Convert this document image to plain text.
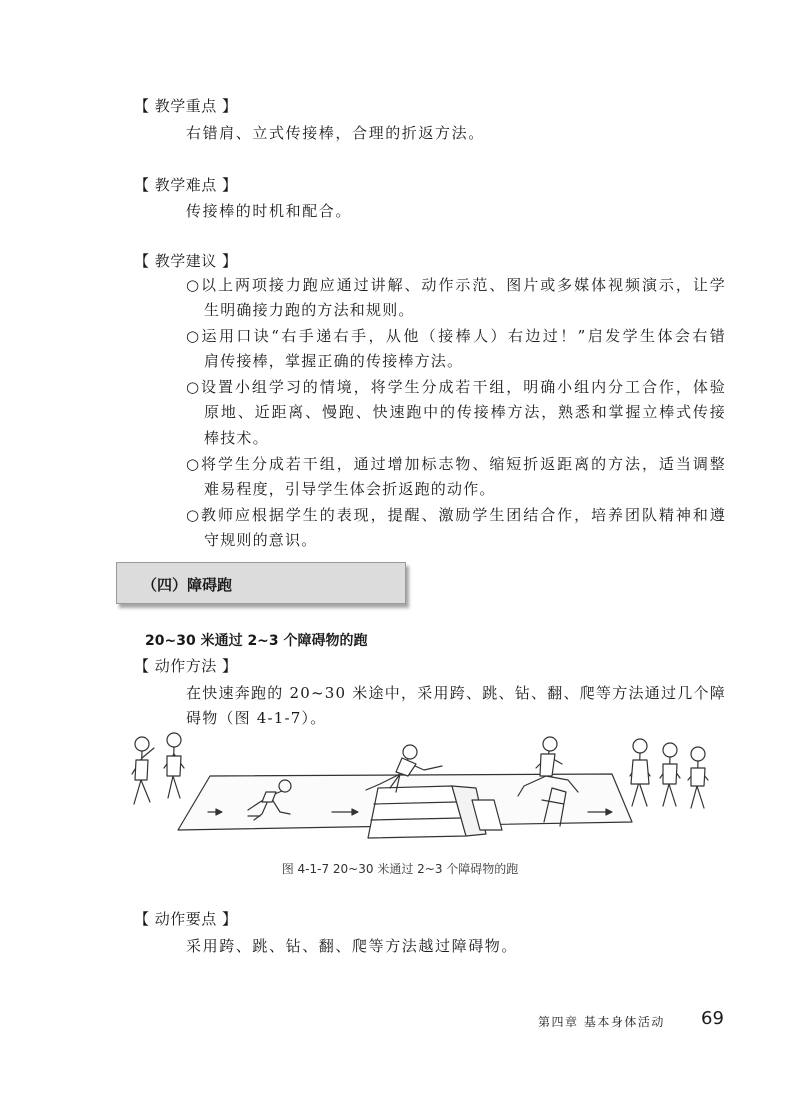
【 教学重点 】
右错肩、立式传接棒，合理的折返方法。
【 教学难点 】
传接棒的时机和配合。
【 教学建议 】
○以上两项接力跑应通过讲解、动作示范、图片或多媒体视频演示，让学
生明确接力跑的方法和规则。
○运用口诀“右手递右手，从他（接棒人）右边过！”启发学生体会右错
肩传接棒，掌握正确的传接棒方法。
○设置小组学习的情境，将学生分成若干组，明确小组内分工合作，体验
原地、近距离、慢跑、快速跑中的传接棒方法，熟悉和掌握立棒式传接
棒技术。
○将学生分成若干组，通过增加标志物、缩短折返距离的方法，适当调整
难易程度，引导学生体会折返跑的动作。
○教师应根据学生的表现，提醒、激励学生团结合作，培养团队精神和遵
守规则的意识。
（四）障碍跑
20~30 米通过 2~3 个障碍物的跑
【 动作方法 】
在快速奔跑的 20~30 米途中，采用跨、跳、钻、翻、爬等方法通过几个障
碍物（图 4-1-7）。
图 4-1-7 20~30 米通过 2~3 个障碍物的跑
【 动作要点 】
采用跨、跳、钻、翻、爬等方法越过障碍物。
第四章 基本身体活动 69
